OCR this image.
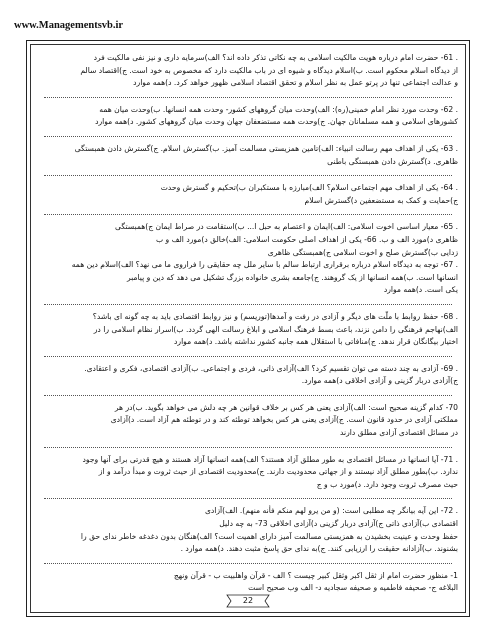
www.Managementsvb.ir
. 61- حضرت امام درباره هویت مالکیت اسلامی به چه نکاتی تذکر داده اند؟ الف)سرمایه داری و نیز نفی مالکیت فرد
از دیدگاه اسلام محکوم است. ب)اسلام دیدگاه و شیوه ای در باب مالکیت دارد که مخصوص به خود است. ج)اقتصاد سالم
و عدالت اجتماعی تنها در پرتو عمل به نظر اسلام و تحقق اقتصاد اسلامی ظهور خواهد کرد. د)همه موارد
. 62- وحدت مورد نظر امام خمینی(ره): الف)وحدت میان گروههای کشور- وحدت همه انسانها. ب)وحدت میان همه
کشورهای اسلامی و همه مسلمانان جهان. ج)وحدت همه مستضعفان جهان وحدت میان گروههای کشور. د)همه موارد
. 63- یکی از اهداف مهم رسالت انبیاء: الف)تامین همزیستی مسالمت آمیز. ب)گسترش اسلام. ج)گسترش دادن همبستگی
ظاهری. د)گسترش دادن همبستگی باطنی
. 64- یکی از اهداف مهم اجتماعی اسلام؟ الف)مبارزه با مستکبران ب)تحکیم و گسترش وحدت
ج)حمایت و کمک به مستضعفین د)گسترش اسلام
. 65- معیار اساسی اخوت اسلامی: الف)ایمان و اعتصام به حبل ا... ب)استقامت در صراط ایمان ج)همبستگی
ظاهری د)مورد الف و ب. 66- یکی از اهداف اصلی حکومت اسلامی: الف)خالق د)مورد الف و ب
زدایی ب)گسترش صلح و اخوت اسلامی ج)همبستگی ظاهری
. 67- توجه به دیدگاه اسلام درباره برقراری ارتباط سالم با سایر ملل چه حقایقی را فراروی ما می نهد؟ الف)اسلام دین همه
انسانها است. ب)همه انسانها از یک گروهند. ج)جامعه بشری خانواده بزرگ تشکیل می دهد که دین و پیامبر
یکی است. د)همه موارد
. 68- حفظ روابط با ملّت های دیگر و آزادی در رفت و آمدها(توریسم) و نیز روابط اقتصادی باید به چه گونه ای باشد؟
الف)نهاجم فرهنگی را دامن نزند، باعث بسط فرهنگ اسلامی و ابلاغ رسالت الهی گردد. ب)اسرار نظام اسلامی را در
اختیار بیگانگان قرار ندهد. ج)منافاتی با استقلال همه جانبه کشور نداشته باشد. د)همه موارد
. 69- آزادی به چند دسته می توان تقسیم کرد؟ الف)آزادی ذاتی، فردی و اجتماعی. ب)آزادی اقتصادی، فکری و اعتقادی.
ج)آزادی دربار گزینی و آزادی اخلاقی د)همه موارد.
70- کدام گزینه صحیح است: الف)آزادی یعنی هر کس بر خلاف قوانین هر چه دلش می خواهد بگوید. ب)در هر
مملکتی آزادی در حدود قانون است. ج)آزادی یعنی هر کس بخواهد توطئه کند و در توطئه هم آزاد است. د)آزادی
در مسائل اقتصادی آزادی مطلق دارند
. 71- آیا انسانها در مسائل اقتصادی به طور مطلق آزاد هستند؟ الف)همه انسانها آزاد هستند و هیچ قدرتی برای آنها وجود
ندارد. ب)بطور مطلق آزاد نیستند و از جهاتی محدودیت دارند. ج)محدودیت اقتصادی از حیث ثروت و مبدأ درآمد و از
حیث مصرف ثروت وجود دارد. د)مورد ب و ج
. 72- این آیه بیانگر چه مطلبی است: (و من یرو لهم منکم فأنه منهم). الف)آزادی
اقتصادی ب)آزادی ذاتی ج)آزادی دربار گزینی د)آزادی اخلاقی 73- به چه دلیل
حفظ وحدت و عینیت بخشیدن به همزیستی مسالمت آمیز دارای اهمیت است؟ الف)هنگان بدون دغدغه خاطر ندای حق را
بشنوند. ب)آزادانه حقیقت را ارزیابی کنند. ج)به ندای حق پاسخ مثبت دهند. د)همه موارد .
1- منظور حضرت امام از ثقل اکبر وثقل کبیر چیست ؟ الف - قرآن واهلبیت ب - قرآن ونهج
البلاغه ج- صحیفه فاطمیه و صحیفه سجادیه د- الف وب صحیح است
22
